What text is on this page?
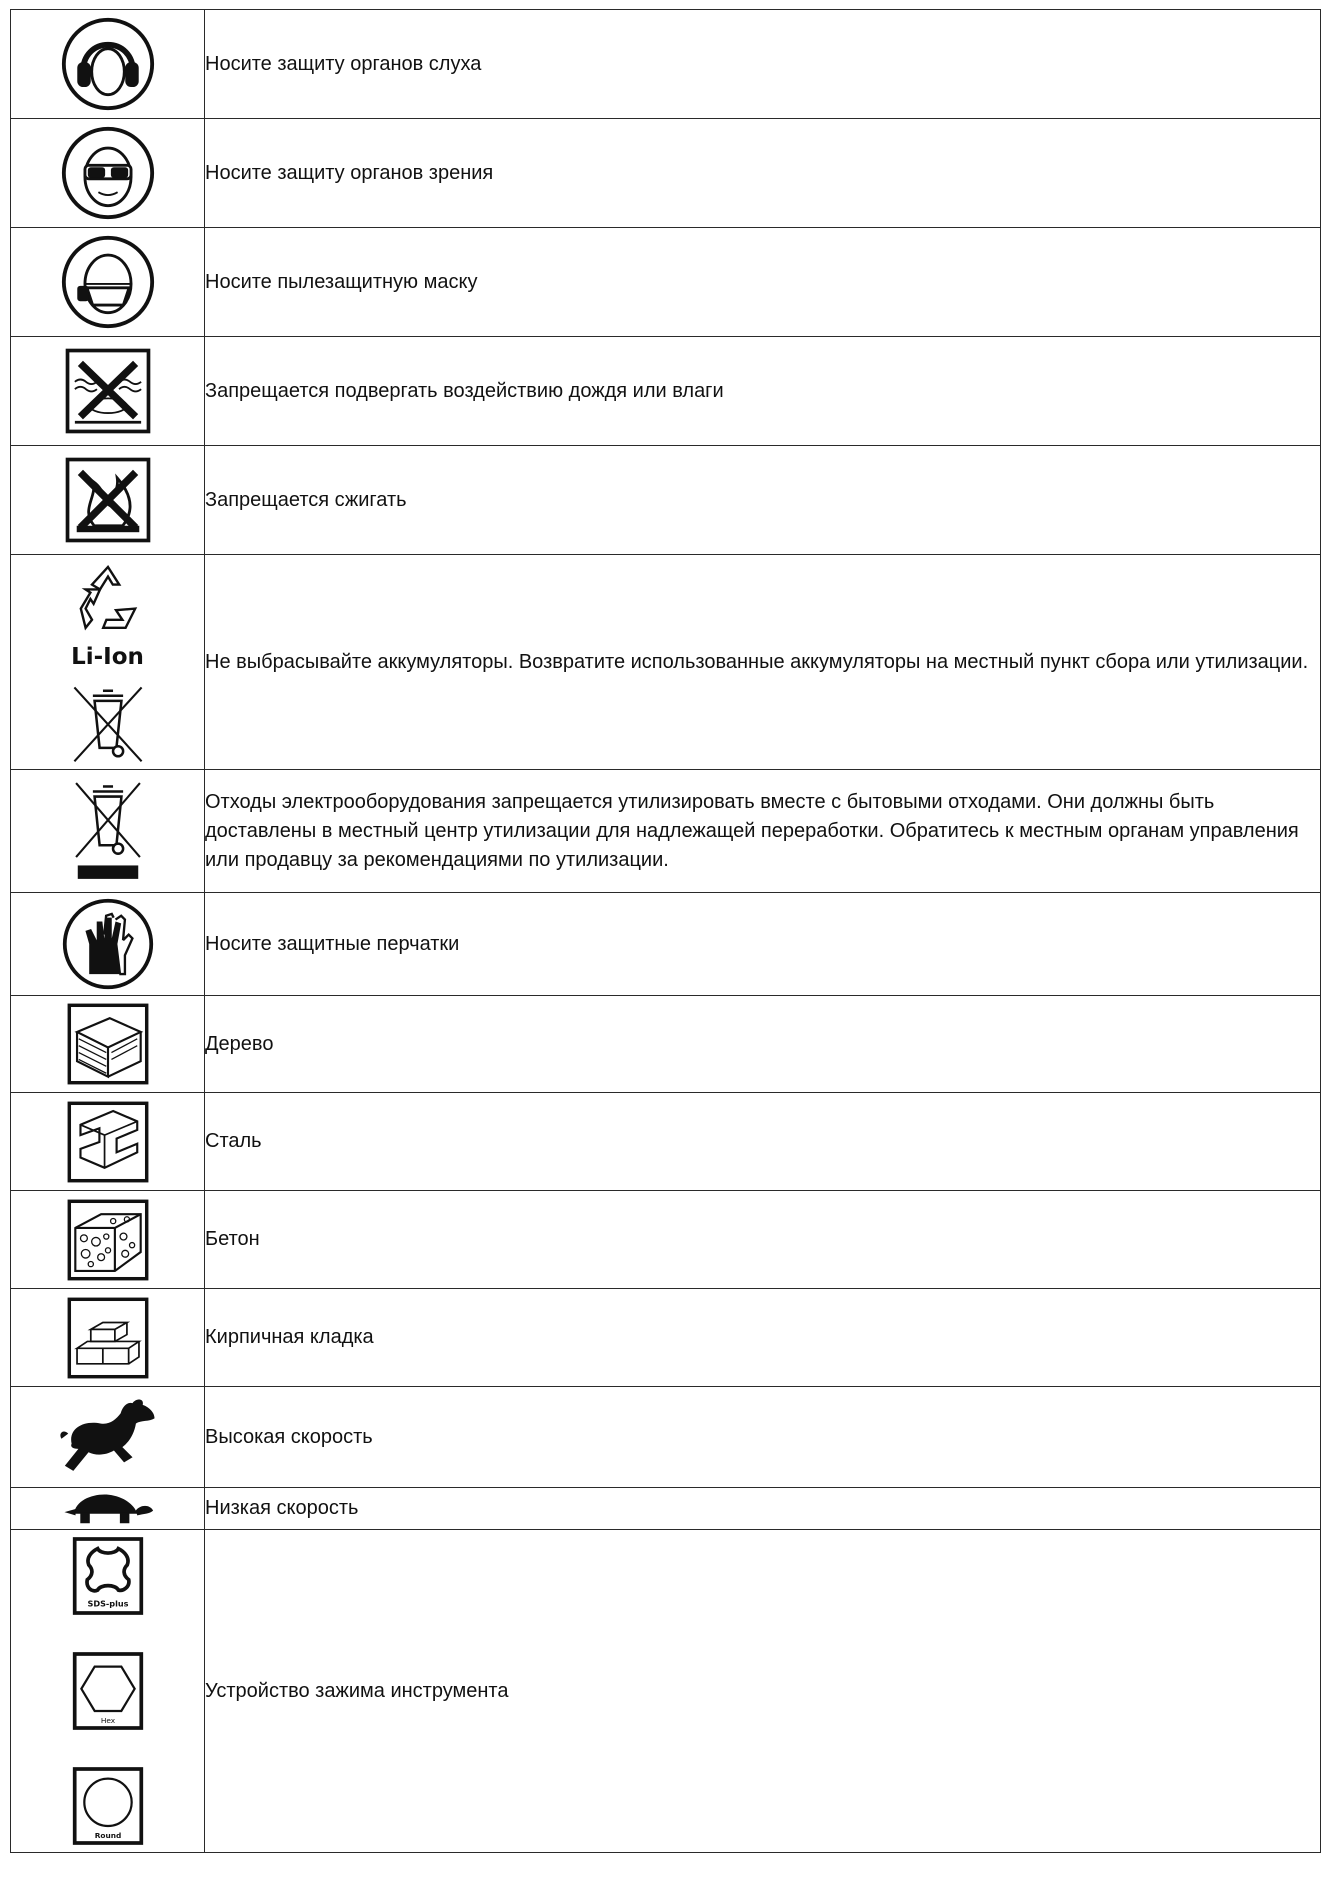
	Носите защиту органов слуха

	Носите защиту органов зрения

	Носите пылезащитную маску

	Запрещается подвергать воздействию дождя или влаги

	Запрещается сжигать

Li-Ion	Не выбрасывайте аккумуляторы. Возвратите использованные аккумуляторы на местный пункт сбора или утилизации.

	Отходы электрооборудования запрещается утилизировать вместе с бытовыми отходами. Они должны быть доставлены в местный центр утилизации для надлежащей переработки. Обратитесь к местным органам управления или продавцу за рекомендациями по утилизации.

	Носите защитные перчатки

	Дерево

	Сталь

	Бетон

	Кирпичная кладка

	Высокая скорость

	Низкая скорость

SDS-plus
Hex
Round	Устройство зажима инструмента
